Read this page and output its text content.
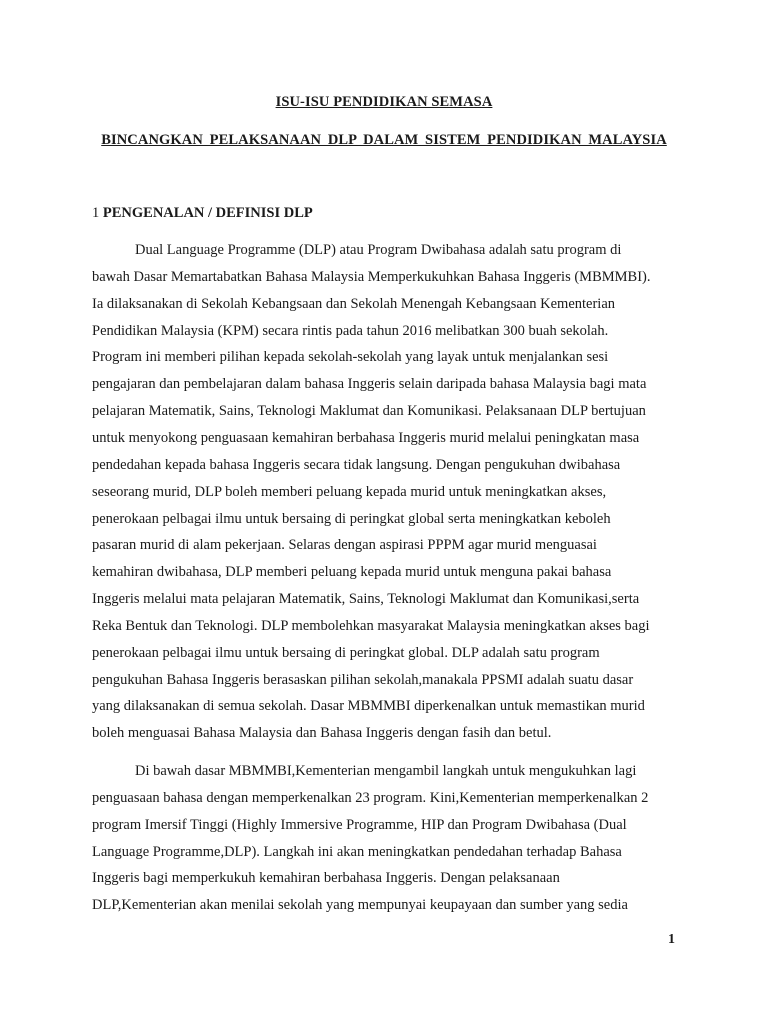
ISU-ISU PENDIDIKAN SEMASA
BINCANGKAN PELAKSANAAN DLP DALAM SISTEM PENDIDIKAN MALAYSIA
1 PENGENALAN / DEFINISI DLP
Dual Language Programme (DLP) atau Program Dwibahasa adalah satu program di
bawah Dasar Memartabatkan Bahasa Malaysia Memperkukuhkan Bahasa Inggeris (MBMMBI).
Ia dilaksanakan di Sekolah Kebangsaan dan Sekolah Menengah Kebangsaan Kementerian
Pendidikan Malaysia (KPM) secara rintis pada tahun 2016 melibatkan 300 buah sekolah.
Program ini memberi pilihan kepada sekolah-sekolah yang layak untuk menjalankan sesi
pengajaran dan pembelajaran dalam bahasa Inggeris selain daripada bahasa Malaysia bagi mata
pelajaran Matematik, Sains, Teknologi Maklumat dan Komunikasi. Pelaksanaan DLP bertujuan
untuk menyokong penguasaan kemahiran berbahasa Inggeris murid melalui peningkatan masa
pendedahan kepada bahasa Inggeris secara tidak langsung. Dengan pengukuhan dwibahasa
seseorang murid, DLP boleh memberi peluang kepada murid untuk meningkatkan akses,
penerokaan pelbagai ilmu untuk bersaing di peringkat global serta meningkatkan keboleh
pasaran murid di alam pekerjaan. Selaras dengan aspirasi PPPM agar murid menguasai
kemahiran dwibahasa, DLP memberi peluang kepada murid untuk menguna pakai bahasa
Inggeris melalui mata pelajaran Matematik, Sains, Teknologi Maklumat dan Komunikasi,serta
Reka Bentuk dan Teknologi. DLP membolehkan masyarakat Malaysia meningkatkan akses bagi
penerokaan pelbagai ilmu untuk bersaing di peringkat global. DLP adalah satu program
pengukuhan Bahasa Inggeris berasaskan pilihan sekolah,manakala PPSMI adalah suatu dasar
yang dilaksanakan di semua sekolah. Dasar MBMMBI diperkenalkan untuk memastikan murid
boleh menguasai Bahasa Malaysia dan Bahasa Inggeris dengan fasih dan betul.
Di bawah dasar MBMMBI,Kementerian mengambil langkah untuk mengukuhkan lagi
penguasaan bahasa dengan memperkenalkan 23 program. Kini,Kementerian memperkenalkan 2
program Imersif Tinggi (Highly Immersive Programme, HIP dan Program Dwibahasa (Dual
Language Programme,DLP). Langkah ini akan meningkatkan pendedahan terhadap Bahasa
Inggeris bagi memperkukuh kemahiran berbahasa Inggeris. Dengan pelaksanaan
DLP,Kementerian akan menilai sekolah yang mempunyai keupayaan dan sumber yang sedia
1
